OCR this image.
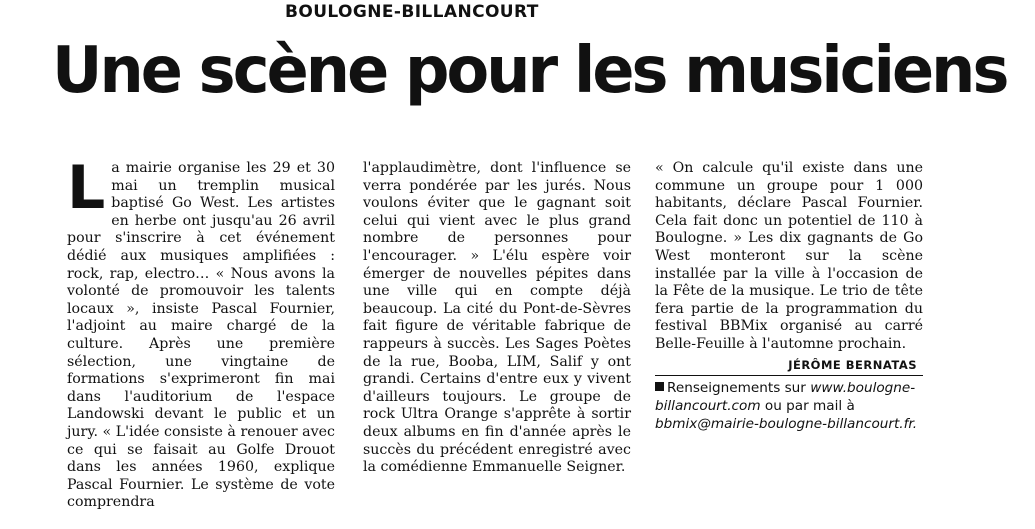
BOULOGNE-BILLANCOURT
Une scène pour les musiciens

La mairie organise les 29 et 30 mai un tremplin musical baptisé Go West. Les artistes en herbe ont jusqu'au 26 avril pour s'inscrire à cet événement dédié aux musiques amplifiées : rock, rap, electro… « Nous avons la volonté de promouvoir les talents locaux », insiste Pascal Fournier, l'adjoint au maire chargé de la culture. Après une première sélection, une vingtaine de formations s'exprimeront fin mai dans l'auditorium de l'espace Landowski devant le public et un jury. « L'idée consiste à renouer avec ce qui se faisait au Golfe Drouot dans les années 1960, explique Pascal Fournier. Le système de vote comprendra

l'applaudimètre, dont l'influence se verra pondérée par les jurés. Nous voulons éviter que le gagnant soit celui qui vient avec le plus grand nombre de personnes pour l'encourager. » L'élu espère voir émerger de nouvelles pépites dans une ville qui en compte déjà beaucoup. La cité du Pont-de-Sèvres fait figure de véritable fabrique de rappeurs à succès. Les Sages Poètes de la rue, Booba, LIM, Salif y ont grandi. Certains d'entre eux y vivent d'ailleurs toujours. Le groupe de rock Ultra Orange s'apprête à sortir deux albums en fin d'année après le succès du précédent enregistré avec la comédienne Emmanuelle Seigner.

« On calcule qu'il existe dans une commune un groupe pour 1 000 habitants, déclare Pascal Fournier. Cela fait donc un potentiel de 110 à Boulogne. » Les dix gagnants de Go West monteront sur la scène installée par la ville à l'occasion de la Fête de la musique. Le trio de tête fera partie de la programmation du festival BBMix organisé au carré Belle-Feuille à l'automne prochain.

JÉRÔME BERNATAS
Renseignements sur www.boulogne-billancourt.com ou par mail à bbmix@mairie-boulogne-billancourt.fr.
